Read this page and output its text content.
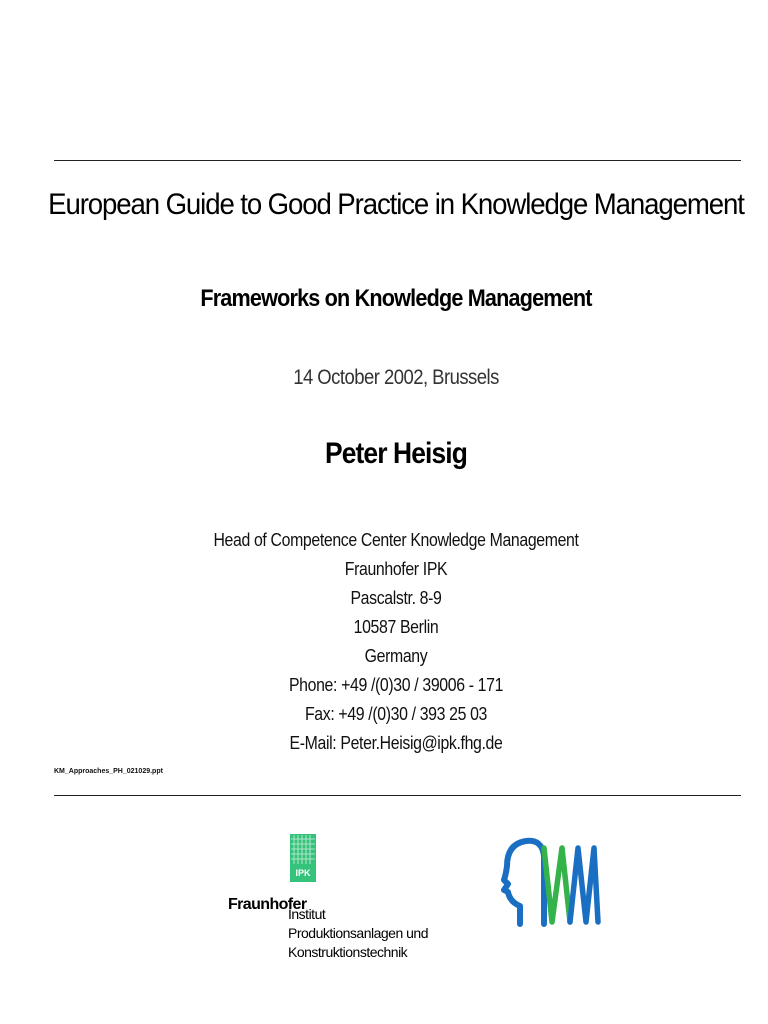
European Guide to Good Practice in Knowledge Management
Frameworks on Knowledge Management
14 October 2002, Brussels
Peter Heisig
Head of Competence Center Knowledge Management
Fraunhofer IPK
Pascalstr. 8-9
10587 Berlin
Germany
Phone: +49 /(0)30 / 39006 - 171
Fax: +49 /(0)30 / 393 25 03
E-Mail: Peter.Heisig@ipk.fhg.de
KM_Approaches_PH_021029.ppt
IPK
Fraunhofer
Institut
Produktionsanlagen und
Konstruktionstechnik
